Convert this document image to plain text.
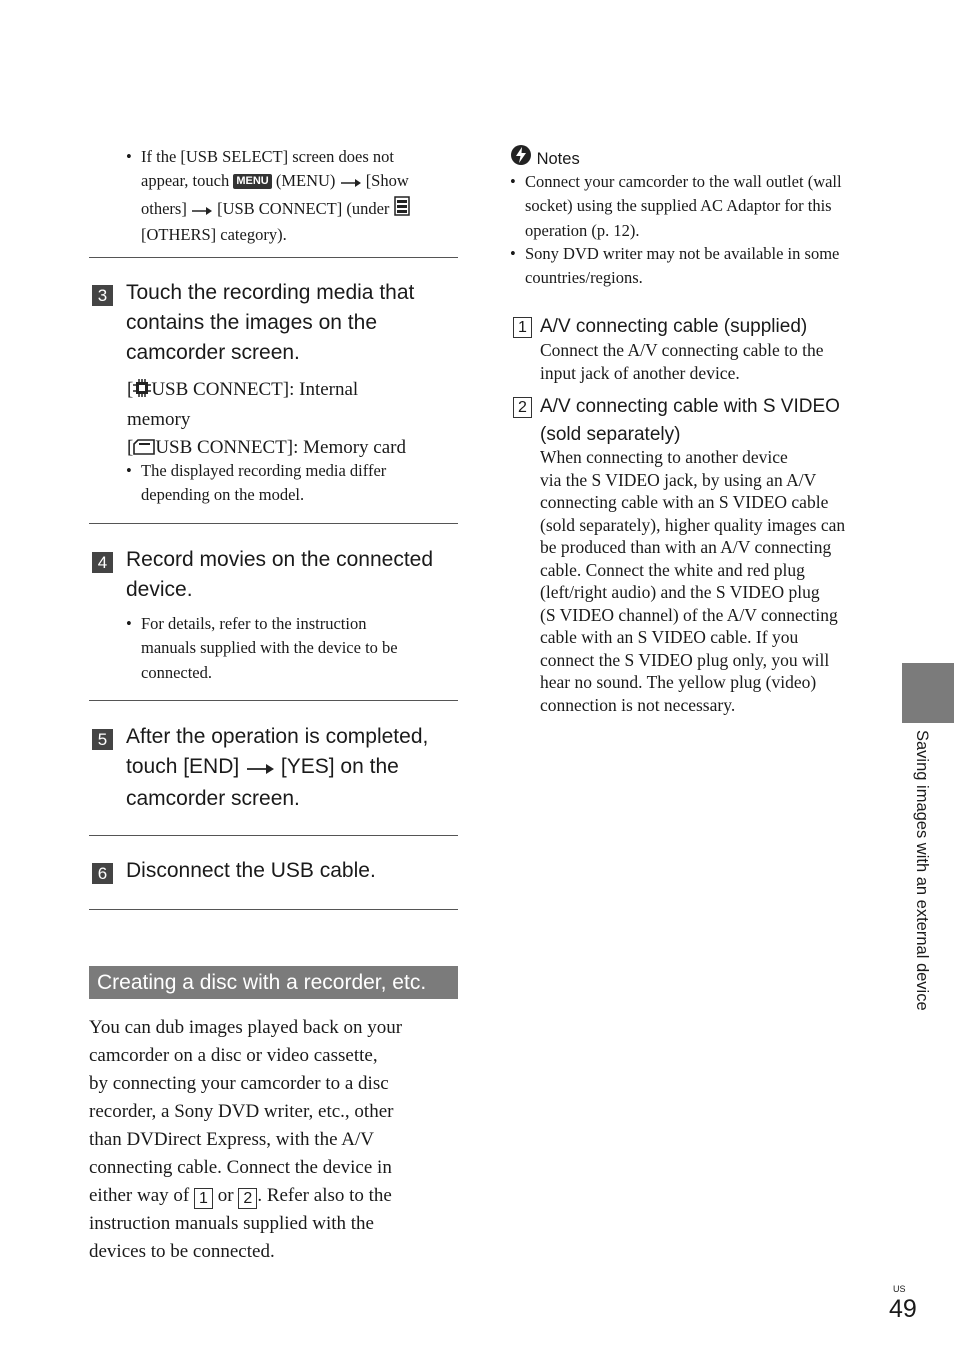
• If the [USB SELECT] screen does not
appear, touch MENU (MENU) [Show
others] [USB CONNECT] (under
[OTHERS] category).
3 Touch the recording media that
contains the images on the
camcorder screen.
[ USB CONNECT]: Internal
memory
[ USB CONNECT]: Memory card
• The displayed recording media differ
depending on the model.
4 Record movies on the connected
device.
• For details, refer to the instruction
manuals supplied with the device to be
connected.
5 After the operation is completed,
touch [END] [YES] on the
camcorder screen.
6 Disconnect the USB cable.
Creating a disc with a recorder, etc.
You can dub images played back on your
camcorder on a disc or video cassette,
by connecting your camcorder to a disc
recorder, a Sony DVD writer, etc., other
than DVDirect Express, with the A/V
connecting cable. Connect the device in
either way of 1 or 2 . Refer also to the
instruction manuals supplied with the
devices to be connected.
Notes
• Connect your camcorder to the wall outlet (wall
socket) using the supplied AC Adaptor for this
operation (p. 12).
• Sony DVD writer may not be available in some
countries/regions.
1 A/V connecting cable (supplied)
Connect the A/V connecting cable to the
input jack of another device.
2 A/V connecting cable with S VIDEO
(sold separately)
When connecting to another device
via the S VIDEO jack, by using an A/V
connecting cable with an S VIDEO cable
(sold separately), higher quality images can
be produced than with an A/V connecting
cable. Connect the white and red plug
(left/right audio) and the S VIDEO plug
(S VIDEO channel) of the A/V connecting
cable with an S VIDEO cable. If you
connect the S VIDEO plug only, you will
hear no sound. The yellow plug (video)
connection is not necessary.
Saving images with an external device
US
49
